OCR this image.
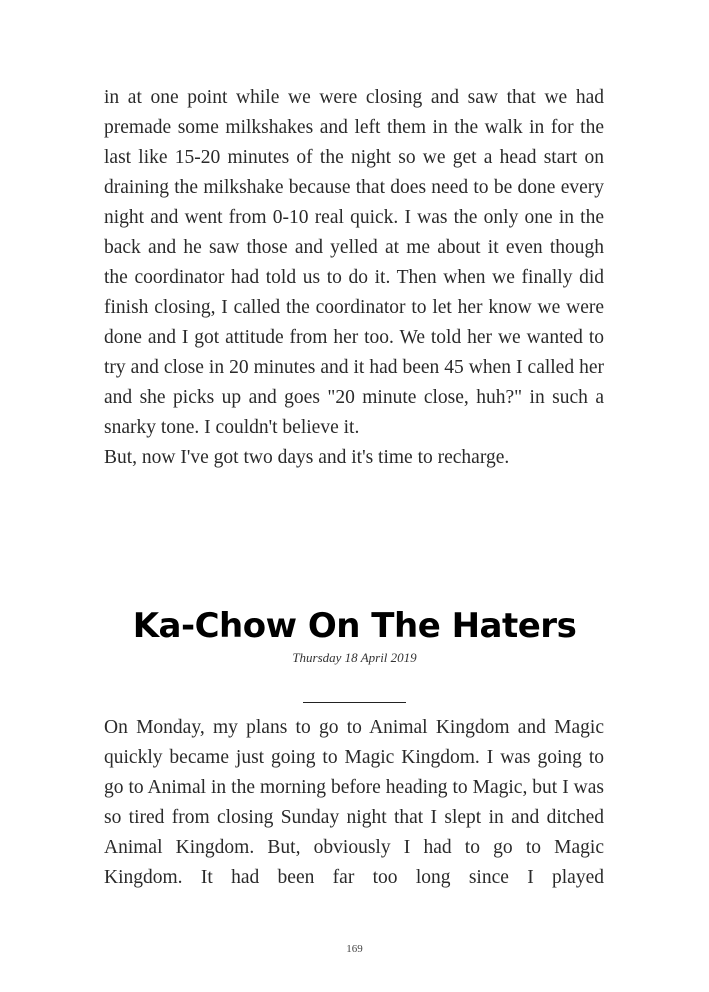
in at one point while we were closing and saw that we had premade some milkshakes and left them in the walk in for the last like 15-20 minutes of the night so we get a head start on draining the milkshake because that does need to be done every night and went from 0-10 real quick. I was the only one in the back and he saw those and yelled at me about it even though the coordinator had told us to do it. Then when we finally did finish closing, I called the coordinator to let her know we were done and I got attitude from her too. We told her we wanted to try and close in 20 minutes and it had been 45 when I called her and she picks up and goes "20 minute close, huh?" in such a snarky tone. I couldn't believe it.

But, now I've got two days and it's time to recharge.

Ka-Chow On The Haters
Thursday 18 April 2019

On Monday, my plans to go to Animal Kingdom and Magic quickly became just going to Magic Kingdom. I was going to go to Animal in the morning before heading to Magic, but I was so tired from closing Sunday night that I slept in and ditched Animal Kingdom. But, obviously I had to go to Magic Kingdom. It had been far too long since I played

169
